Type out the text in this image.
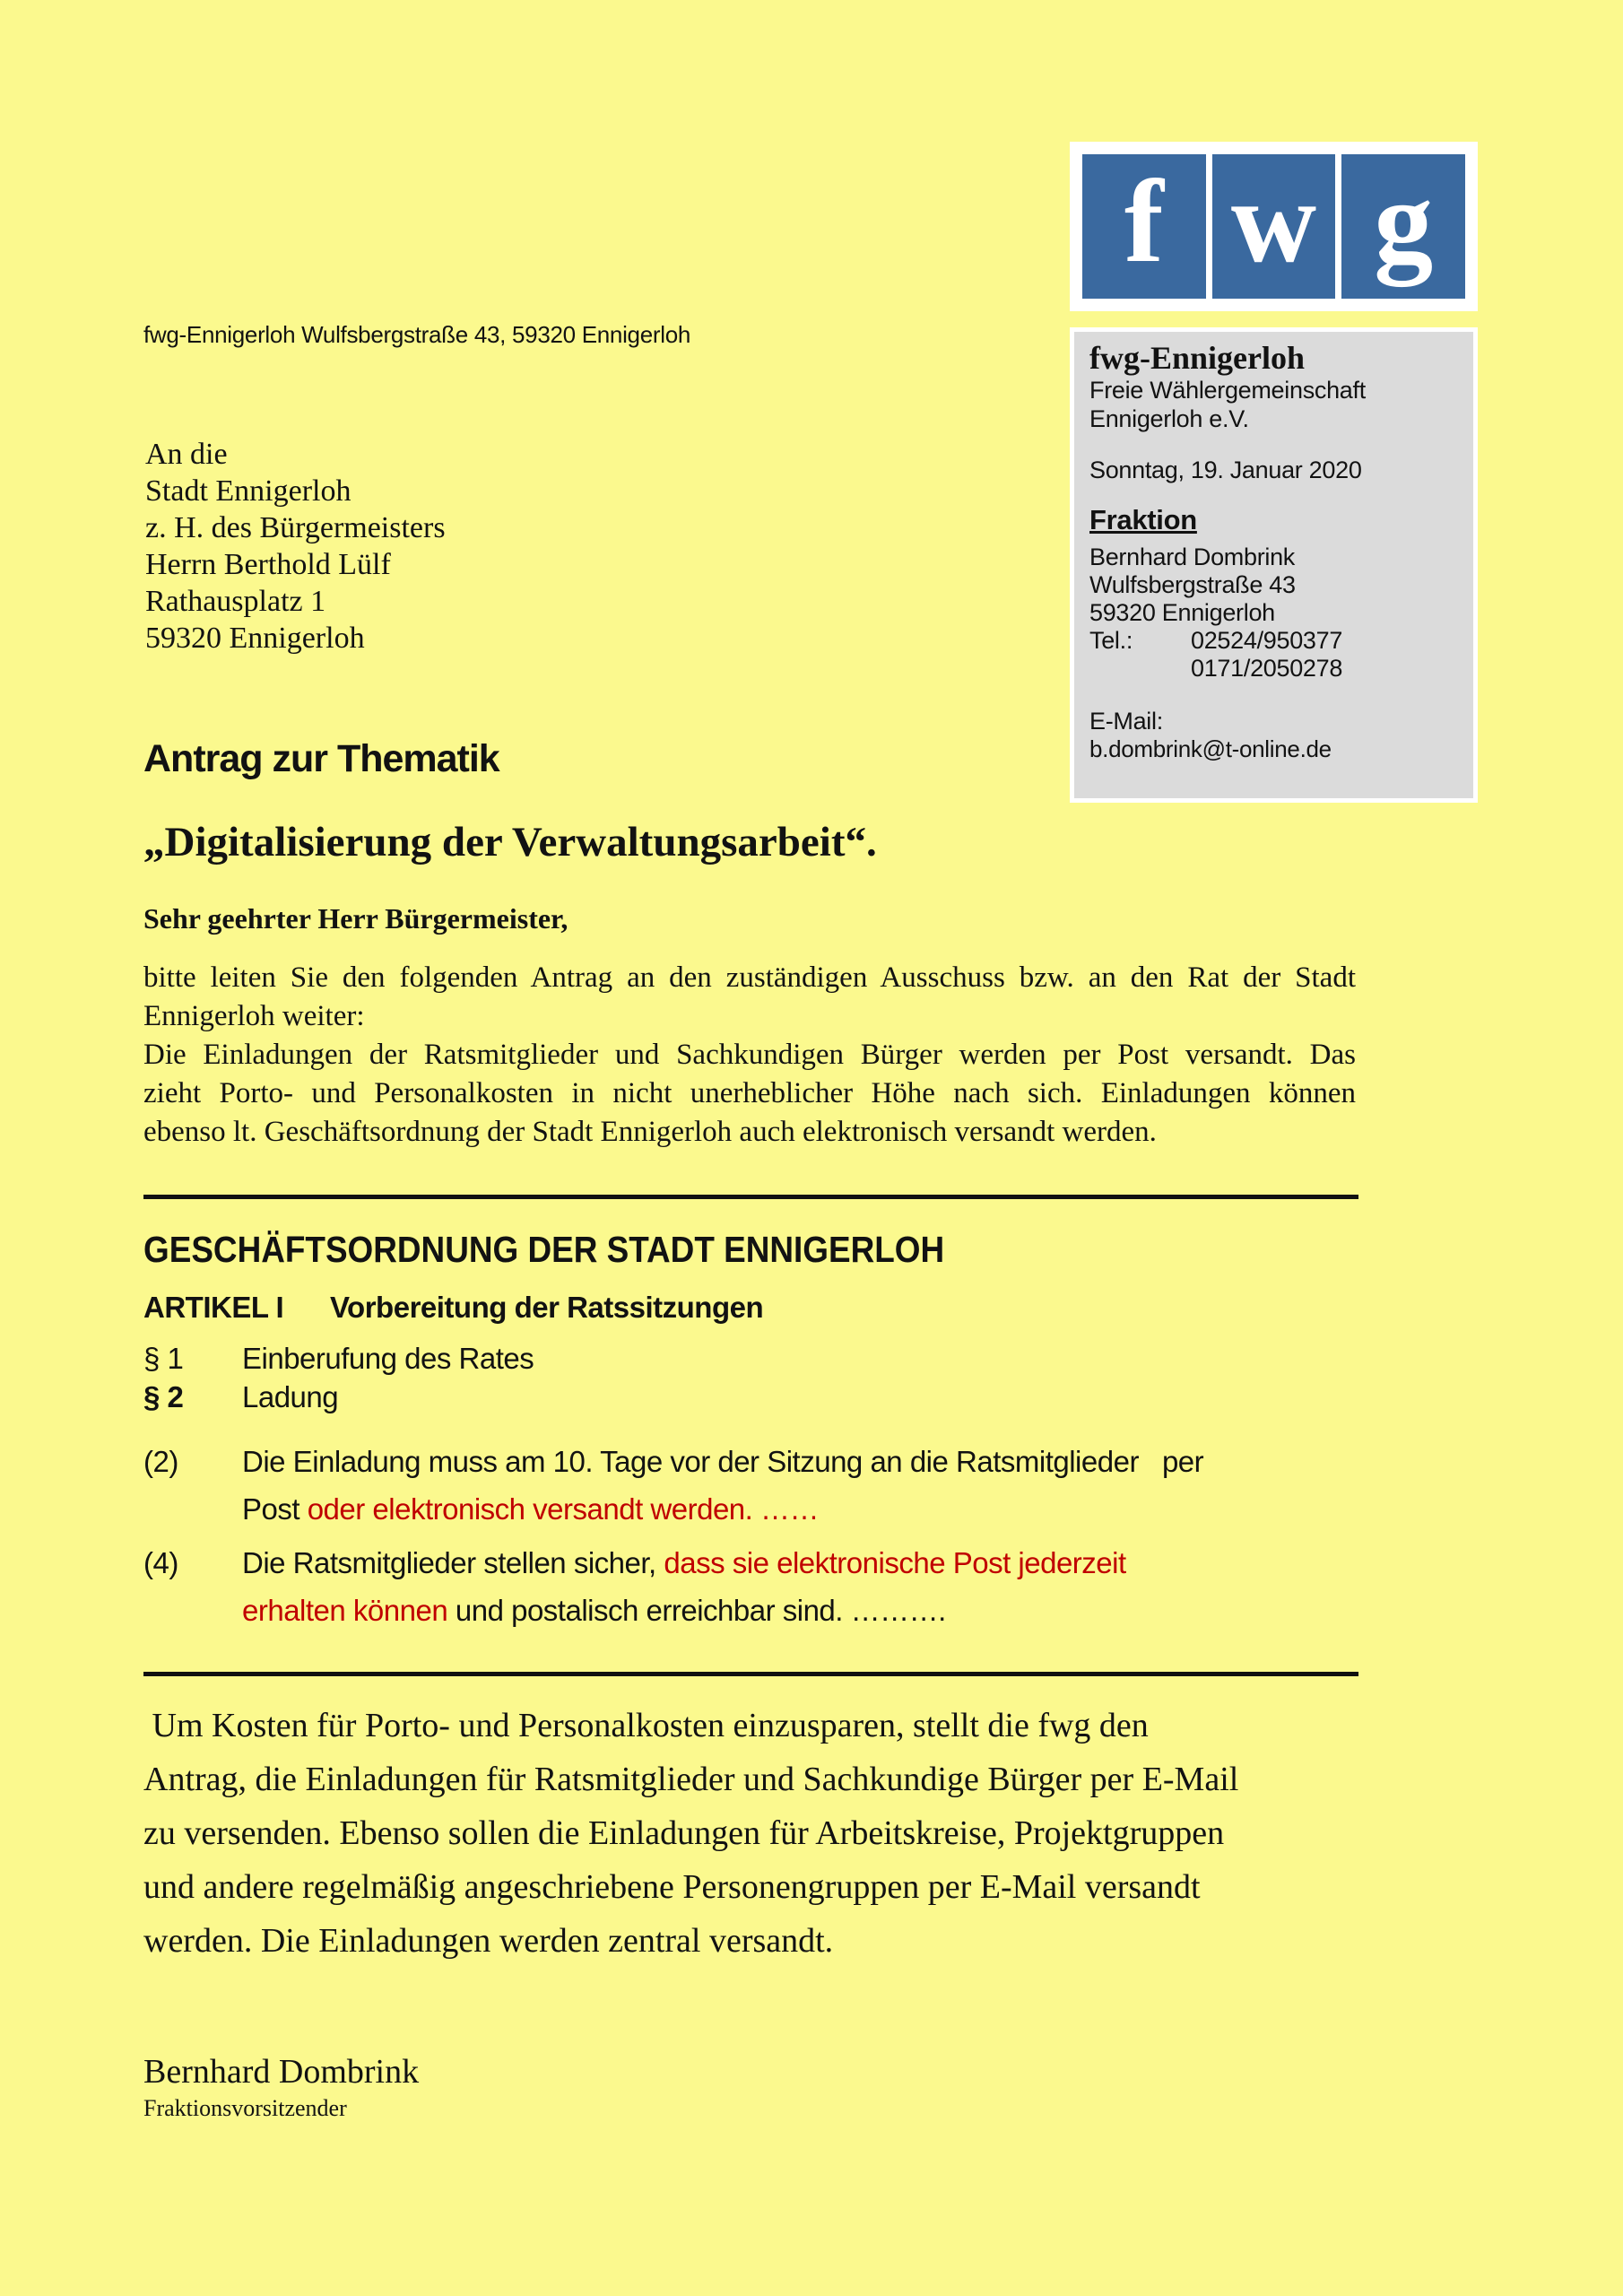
fwg-Ennigerloh Wulfsbergstraße 43, 59320 Ennigerloh
An die
Stadt Ennigerloh
z. H. des Bürgermeisters
Herrn Berthold Lülf
Rathausplatz 1
59320 Ennigerloh
f w g
fwg-Ennigerloh
Freie Wählergemeinschaft
Ennigerloh e.V.
Sonntag, 19. Januar 2020
Fraktion
Bernhard Dombrink
Wulfsbergstraße 43
59320 Ennigerloh
Tel.: 02524/950377
0171/2050278
E-Mail:
b.dombrink@t-online.de
Antrag zur Thematik
„Digitalisierung der Verwaltungsarbeit“.
Sehr geehrter Herr Bürgermeister,
bitte leiten Sie den folgenden Antrag an den zuständigen Ausschuss bzw. an den Rat der Stadt
Ennigerloh weiter:
Die Einladungen der Ratsmitglieder und Sachkundigen Bürger werden per Post versandt. Das
zieht Porto- und Personalkosten in nicht unerheblicher Höhe nach sich. Einladungen können
ebenso lt. Geschäftsordnung der Stadt Ennigerloh auch elektronisch versandt werden.
GESCHÄFTSORDNUNG DER STADT ENNIGERLOH
ARTIKEL I Vorbereitung der Ratssitzungen
§ 1 Einberufung des Rates
§ 2 Ladung
(2) Die Einladung muss am 10. Tage vor der Sitzung an die Ratsmitglieder   per
Post oder elektronisch versandt werden. ……
(4) Die Ratsmitglieder stellen sicher, dass sie elektronische Post jederzeit
erhalten können und postalisch erreichbar sind. ……….
Um Kosten für Porto- und Personalkosten einzusparen, stellt die fwg den
Antrag, die Einladungen für Ratsmitglieder und Sachkundige Bürger per E-Mail
zu versenden. Ebenso sollen die Einladungen für Arbeitskreise, Projektgruppen
und andere regelmäßig angeschriebene Personengruppen per E-Mail versandt
werden. Die Einladungen werden zentral versandt.
Bernhard Dombrink
Fraktionsvorsitzender
